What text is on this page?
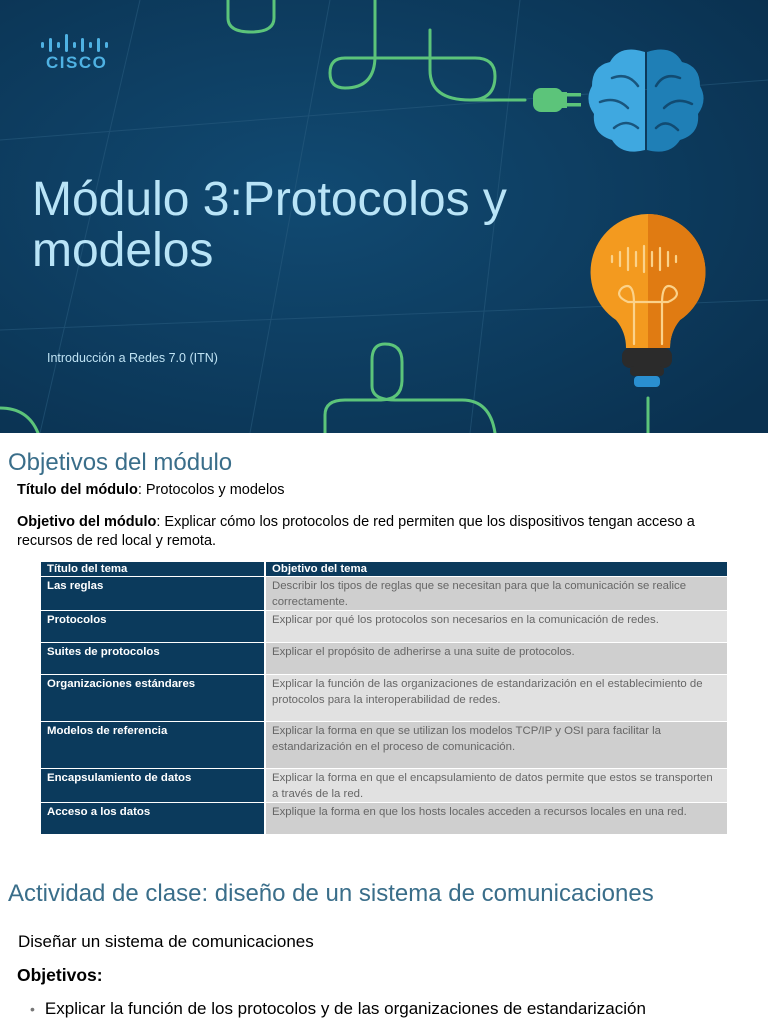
CISCO
Módulo 3:Protocolos y modelos
Introducción a Redes 7.0 (ITN)
Objetivos del módulo
Título del módulo: Protocolos y modelos
Objetivo del módulo: Explicar cómo los protocolos de red permiten que los dispositivos tengan acceso a recursos de red local y remota.
Título del tema	Objetivo del tema
Las reglas	Describir los tipos de reglas que se necesitan para que la comunicación se realice correctamente.
Protocolos	Explicar por qué los protocolos son necesarios en la comunicación de redes.
Suites de protocolos	Explicar el propósito de adherirse a una suite de protocolos.
Organizaciones estándares	Explicar la función de las organizaciones de estandarización en el establecimiento de protocolos para la interoperabilidad de redes.
Modelos de referencia	Explicar la forma en que se utilizan los modelos TCP/IP y OSI para facilitar la estandarización en el proceso de comunicación.
Encapsulamiento de datos	Explicar la forma en que el encapsulamiento de datos permite que estos se transporten a través de la red.
Acceso a los datos	Explique la forma en que los hosts locales acceden a recursos locales en una red.
Actividad de clase: diseño de un sistema de comunicaciones
Diseñar un sistema de comunicaciones
Objetivos:
• Explicar la función de los protocolos y de las organizaciones de estandarización
